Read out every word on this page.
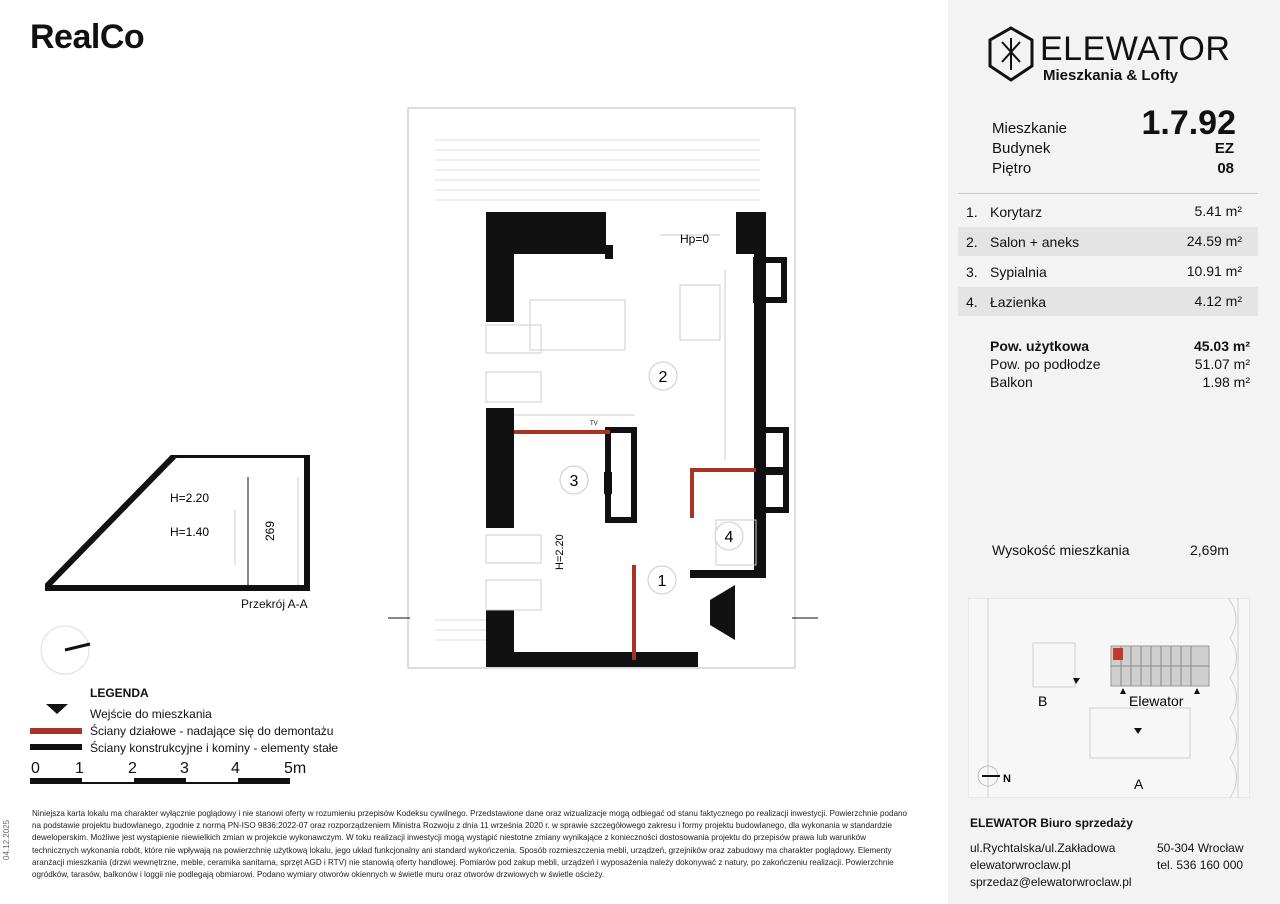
RealCo
2
3
1
4
Hp=0
H=2.20
TV
H=2.20
H=1.40	269
Przekrój A-A
LEGENDA
Wejście do mieszkania
Ściany działowe - nadające się do demontażu
Ściany konstrukcyjne i kominy - elementy stałe
0 1	2	3	4	5m
Niniejsza karta lokalu ma charakter wyłącznie poglądowy i nie stanowi oferty w rozumieniu przepisów Kodeksu cywilnego. Przedstawione dane oraz wizualizacje mogą odbiegać od stanu faktycznego po realizacji inwestycji. Powierzchnie podano na podstawie projektu budowlanego, zgodnie z normą PN-ISO 9836:2022-07 oraz rozporządzeniem Ministra Rozwoju z dnia 11 września 2020 r. w sprawie szczegółowego zakresu i formy projektu budowlanego, dla wykonania w standardzie deweloperskim. Możliwe jest wystąpienie niewielkich zmian w projekcie wykonawczym. W toku realizacji inwestycji mogą wystąpić niestotne zmiany wynikające z konieczności dostosowania projektu do przepisów prawa lub warunków technicznych wykonania robót, które nie wpływają na powierzchnię użytkową lokalu, jego układ funkcjonalny ani standard wykończenia. Sposób rozmieszczenia mebli, urządzeń, grzejników oraz zabudowy ma charakter poglądowy. Elementy aranżacji mieszkania (drzwi wewnętrzne, meble, ceramika sanitarna, sprzęt AGD i RTV) nie stanowią oferty handlowej. Pomiarów pod zakup mebli, urządzeń i wyposażenia należy dokonywać z natury, po zakończeniu realizacji. Powierzchnie ogródków, tarasów, balkonów i loggii nie podlegają obmiarowi. Podano wymiary otworów okiennych w świetle muru oraz otworów drzwiowych w świetle ościeży.
04.12.2025
ELEWATOR
Mieszkania & Lofty
Mieszkanie	1.7.92
Budynek	EZ
Piętro	08
1. Korytarz	5.41 m²
2. Salon + aneks	24.59 m²
3. Sypialnia	10.91 m²
4. Łazienka	4.12 m²
Pow. użytkowa	45.03 m²
Pow. po podłodze	51.07 m²
Balkon	1.98 m²
Wysokość mieszkania	2,69m
B	Elewator
A
N
ELEWATOR Biuro sprzedaży
ul.Rychtalska/ul.Zakładowa	50-304 Wrocław
elewatorwroclaw.pl	tel. 536 160 000
sprzedaz@elewatorwroclaw.pl
